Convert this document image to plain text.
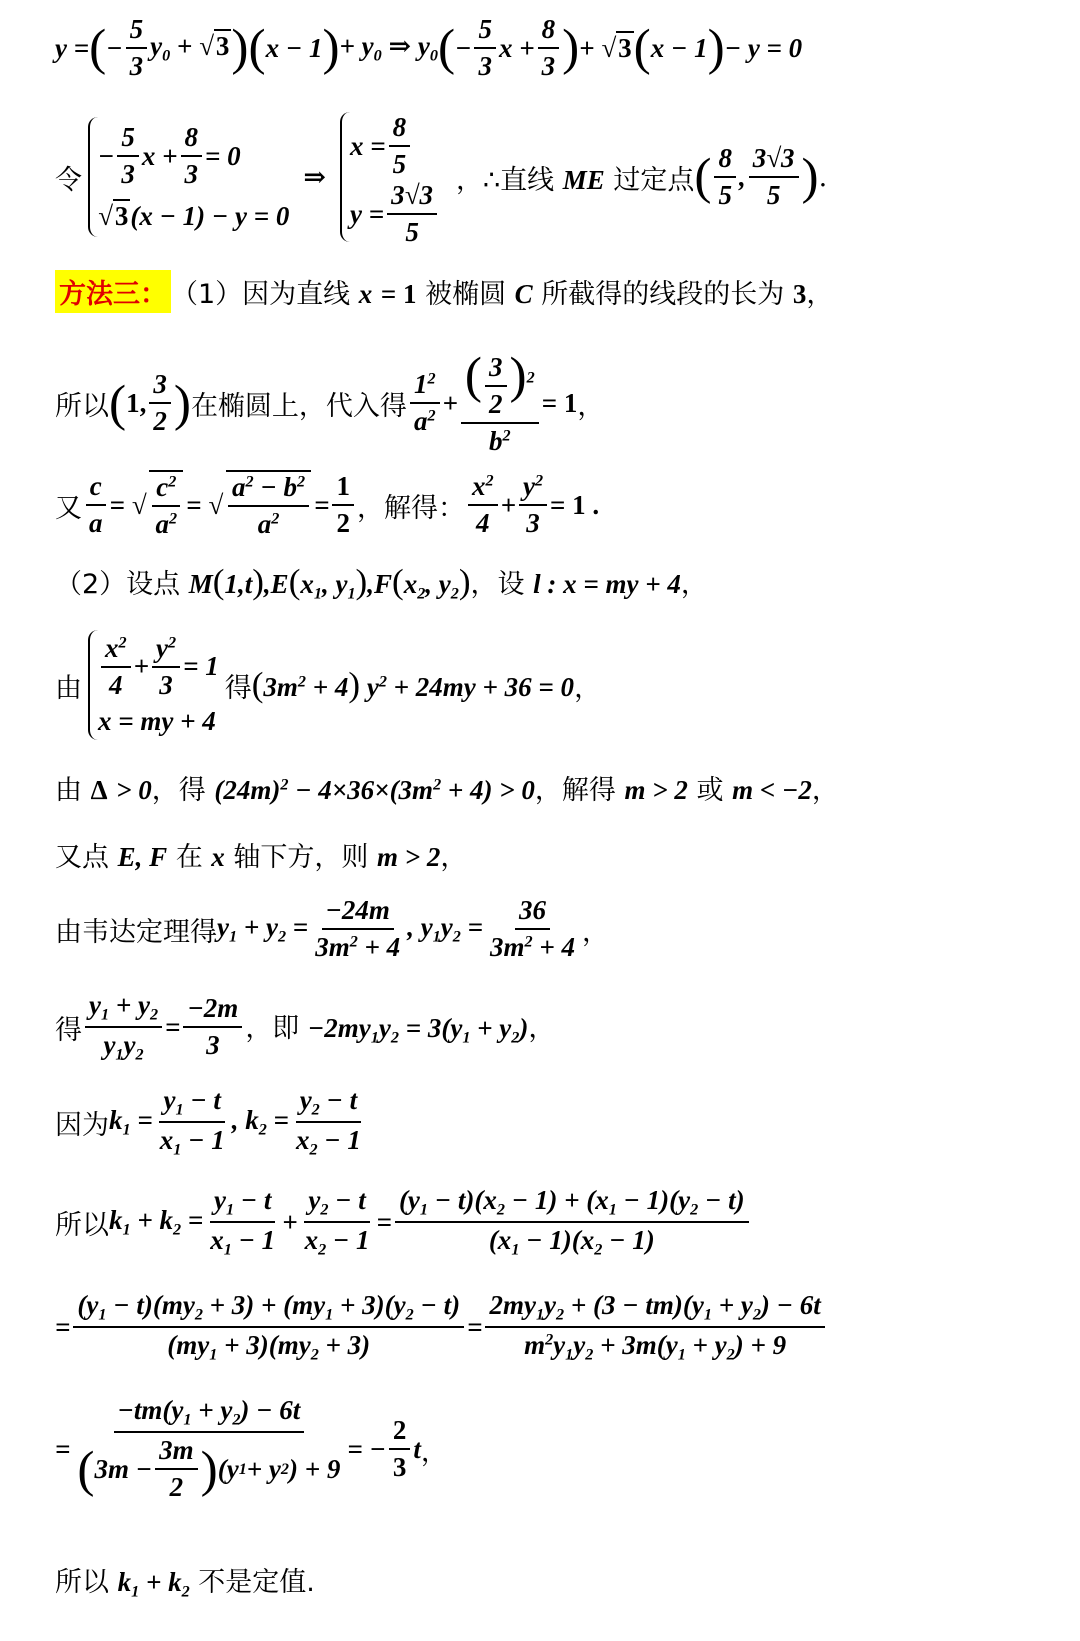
y = ( − $\frac{5}{3} y_0 + √3$ ) ( x − 1 ) + $y_0$ ⇒ $y_0$ ( − $\frac{5}{3}$ $x + \frac{8}{3}$ ) + √3 ( x − 1 ) − y = 0
令
− $\frac{5}{3}$ $x + \frac{8}{3} = 0$
√3(x − 1) − y = 0
⇒
$x = \frac{8}{5}$
$y = \frac{3√3}{5}$
，∴直线 ME 过定点 ( $\frac{8}{5}$ , $\frac{3√3}{5}$ ) .
方法三： （1）因为直线 x = 1 被椭圆 C 所截得的线段的长为 3，
所以 ( 1, $\frac{3}{2}$ ) 在椭圆上，代入得 $\frac{1^2}{a^2} + \frac{( \frac{3}{2} )^2}{b^2} = 1$ ，
又 $\frac{c}{a}$ = √ $\frac{c^2}{a^2}$ = √ $\frac{a^2 - b^2}{a^2} = \frac{1}{2}$ ，解得： $\frac{x^2}{4} + \frac{y^2}{3} = 1$ .
（2）设点 $M(1,t),E(x_1$, $y_1),F(x_2$, $y_2$)，设 l : x = my + 4，
由 $\frac{x^2}{4} + \frac{y^2}{3} = 1$
x = my + 4
得 $(3m^2 + 4) y^2 + 24my + 36 = 0$ ，
由 Δ > 0，得 $(24m)^2 - 4\times 36\times(3m^2 + 4) > 0$，解得 m > 2 或 m < −2，
又点 E, F 在 x 轴下方，则 m > 2，
由韦达定理得 $y_1 + y_2 = \frac{-24m}{3m^2 + 4}$ , $y_1y_2 = \frac{36}{3m^2 + 4}$ ，
得 $\frac{y_1 + y_2}{y_1y_2} = \frac{-2m}{3}$ ，即 $-2my_1y_2 = 3(y_1 + y_2)$，
因为 $k_1 = \frac{y_1 - t}{x_1 - 1}$ , $k_2 = \frac{y_2 - t}{x_2 - 1}$
所以 $k_1 + k_2 = \frac{y_1 - t}{x_1 - 1} + \frac{y_2 - t}{x_2 - 1} = \frac{(y_1 - t)(x_2 - 1) + (x_1 - 1)(y_2 - t)}{(x_1 - 1)(x_2 - 1)}$
= $\frac{(y_1 - t)(my_2 + 3) + (my_1 + 3)(y_2 - t)}{(my_1 + 3)(my_2 + 3)} = \frac{2my_1y_2 + (3 - tm)(y_1 + y_2) - 6t}{m^2y_1y_2 + 3m(y_1 + y_2) + 9}$
= $\frac{-tm(y_1 + y_2) - 6t}{( 3m - \frac{3m}{2} ) (y 1 + y 2 ) + 9}$ = − $\frac{2}{3}$ t ，
所以 $k_1 + k_2$ 不是定值.
